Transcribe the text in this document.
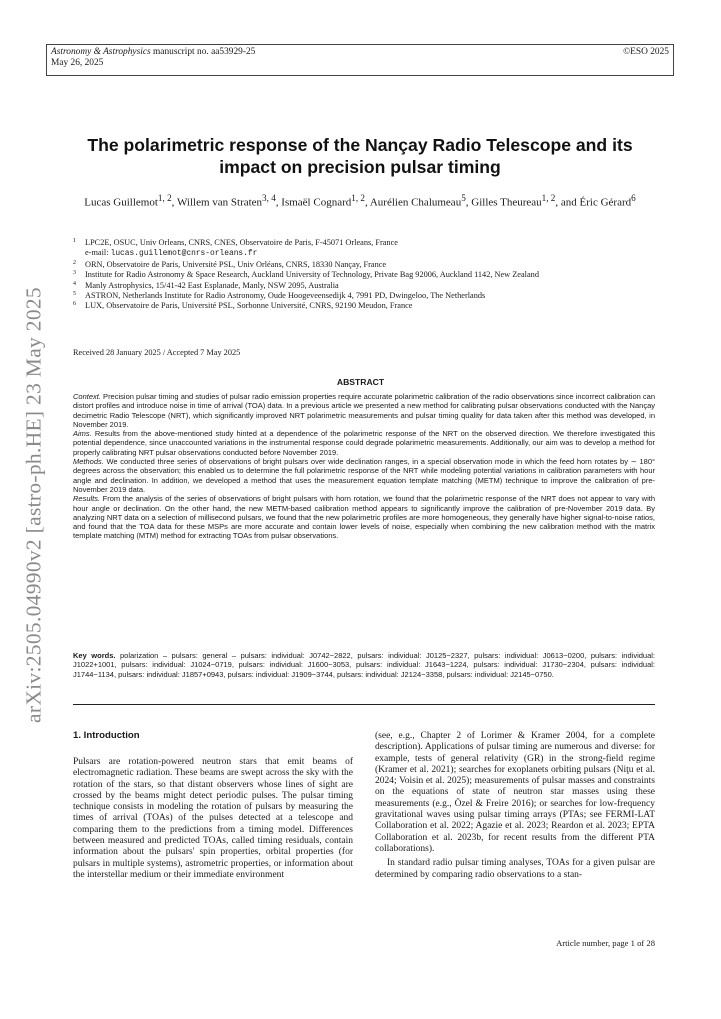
Astronomy & Astrophysics manuscript no. aa53929-25
May 26, 2025
©ESO 2025
arXiv:2505.04990v2 [astro-ph.HE] 23 May 2025
The polarimetric response of the Nançay Radio Telescope and its impact on precision pulsar timing
Lucas Guillemot$^{1, 2}$, Willem van Straten$^{3, 4}$, Ismaël Cognard$^{1, 2}$, Aurélien Chalumeau$^5$, Gilles Theureau$^{1, 2}$, and Éric Gérard$^6$
1 LPC2E, OSUC, Univ Orleans, CNRS, CNES, Observatoire de Paris, F-45071 Orleans, France
e-mail: lucas.guillemot@cnrs-orleans.fr
2 ORN, Observatoire de Paris, Université PSL, Univ Orléans, CNRS, 18330 Nançay, France
3 Institute for Radio Astronomy & Space Research, Auckland University of Technology, Private Bag 92006, Auckland 1142, New Zealand
4 Manly Astrophysics, 15/41-42 East Esplanade, Manly, NSW 2095, Australia
5 ASTRON, Netherlands Institute for Radio Astronomy, Oude Hoogeveensedijk 4, 7991 PD, Dwingeloo, The Netherlands
6 LUX, Observatoire de Paris, Université PSL, Sorbonne Université, CNRS, 92190 Meudon, France
Received 28 January 2025 / Accepted 7 May 2025
ABSTRACT

Context. Precision pulsar timing and studies of pulsar radio emission properties require accurate polarimetric calibration of the radio observations since incorrect calibration can distort profiles and introduce noise in time of arrival (TOA) data. In a previous article we presented a new method for calibrating pulsar observations conducted with the Nançay decimetric Radio Telescope (NRT), which significantly improved NRT polarimetric measurements and pulsar timing quality for data taken after this method was developed, in November 2019.

Aims. Results from the above-mentioned study hinted at a dependence of the polarimetric response of the NRT on the observed direction. We therefore investigated this potential dependence, since unaccounted variations in the instrumental response could degrade polarimetric measurements. Additionally, our aim was to develop a method for properly calibrating NRT pulsar observations conducted before November 2019.

Methods. We conducted three series of observations of bright pulsars over wide declination ranges, in a special observation mode in which the feed horn rotates by ∼ 180° degrees across the observation; this enabled us to determine the full polarimetric response of the NRT while modeling potential variations in calibration parameters with hour angle and declination. In addition, we developed a method that uses the measurement equation template matching (METM) technique to improve the calibration of pre-November 2019 data.

Results. From the analysis of the series of observations of bright pulsars with horn rotation, we found that the polarimetric response of the NRT does not appear to vary with hour angle or declination. On the other hand, the new METM-based calibration method appears to significantly improve the calibration of pre-November 2019 data. By analyzing NRT data on a selection of millisecond pulsars, we found that the new polarimetric profiles are more homogeneous, they generally have higher signal-to-noise ratios, and found that the TOA data for these MSPs are more accurate and contain lower levels of noise, especially when combining the new calibration method with the matrix template matching (MTM) method for extracting TOAs from pulsar observations.

Key words. polarization – pulsars: general – pulsars: individual: J0742−2822, pulsars: individual: J0125−2327, pulsars: individual: J0613−0200, pulsars: individual: J1022+1001, pulsars: individual: J1024−0719, pulsars: individual: J1600−3053, pulsars: individual: J1643−1224, pulsars: individual: J1730−2304, pulsars: individual: J1744−1134, pulsars: individual: J1857+0943, pulsars: individual: J1909−3744, pulsars: individual: J2124−3358, pulsars: individual: J2145−0750.
1. Introduction

Pulsars are rotation-powered neutron stars that emit beams of electromagnetic radiation. These beams are swept across the sky with the rotation of the stars, so that distant observers whose lines of sight are crossed by the beams might detect periodic pulses. The pulsar timing technique consists in modeling the rotation of pulsars by measuring the times of arrival (TOAs) of the pulses detected at a telescope and comparing them to the predictions from a timing model. Differences between measured and predicted TOAs, called timing residuals, contain information about the pulsars' spin properties, orbital properties (for pulsars in multiple systems), astrometric properties, or information about the interstellar medium or their immediate environment

(see, e.g., Chapter 2 of Lorimer & Kramer 2004, for a complete description). Applications of pulsar timing are numerous and diverse: for example, tests of general relativity (GR) in the strong-field regime (Kramer et al. 2021); searches for exoplanets orbiting pulsars (Niţu et al. 2024; Voisin et al. 2025); measurements of pulsar masses and constraints on the equations of state of neutron star masses using these measurements (e.g., Özel & Freire 2016); or searches for low-frequency gravitational waves using pulsar timing arrays (PTAs; see FERMI-LAT Collaboration et al. 2022; Agazie et al. 2023; Reardon et al. 2023; EPTA Collaboration et al. 2023b, for recent results from the different PTA collaborations).

In standard radio pulsar timing analyses, TOAs for a given pulsar are determined by comparing radio observations to a stan-

Article number, page 1 of 28
